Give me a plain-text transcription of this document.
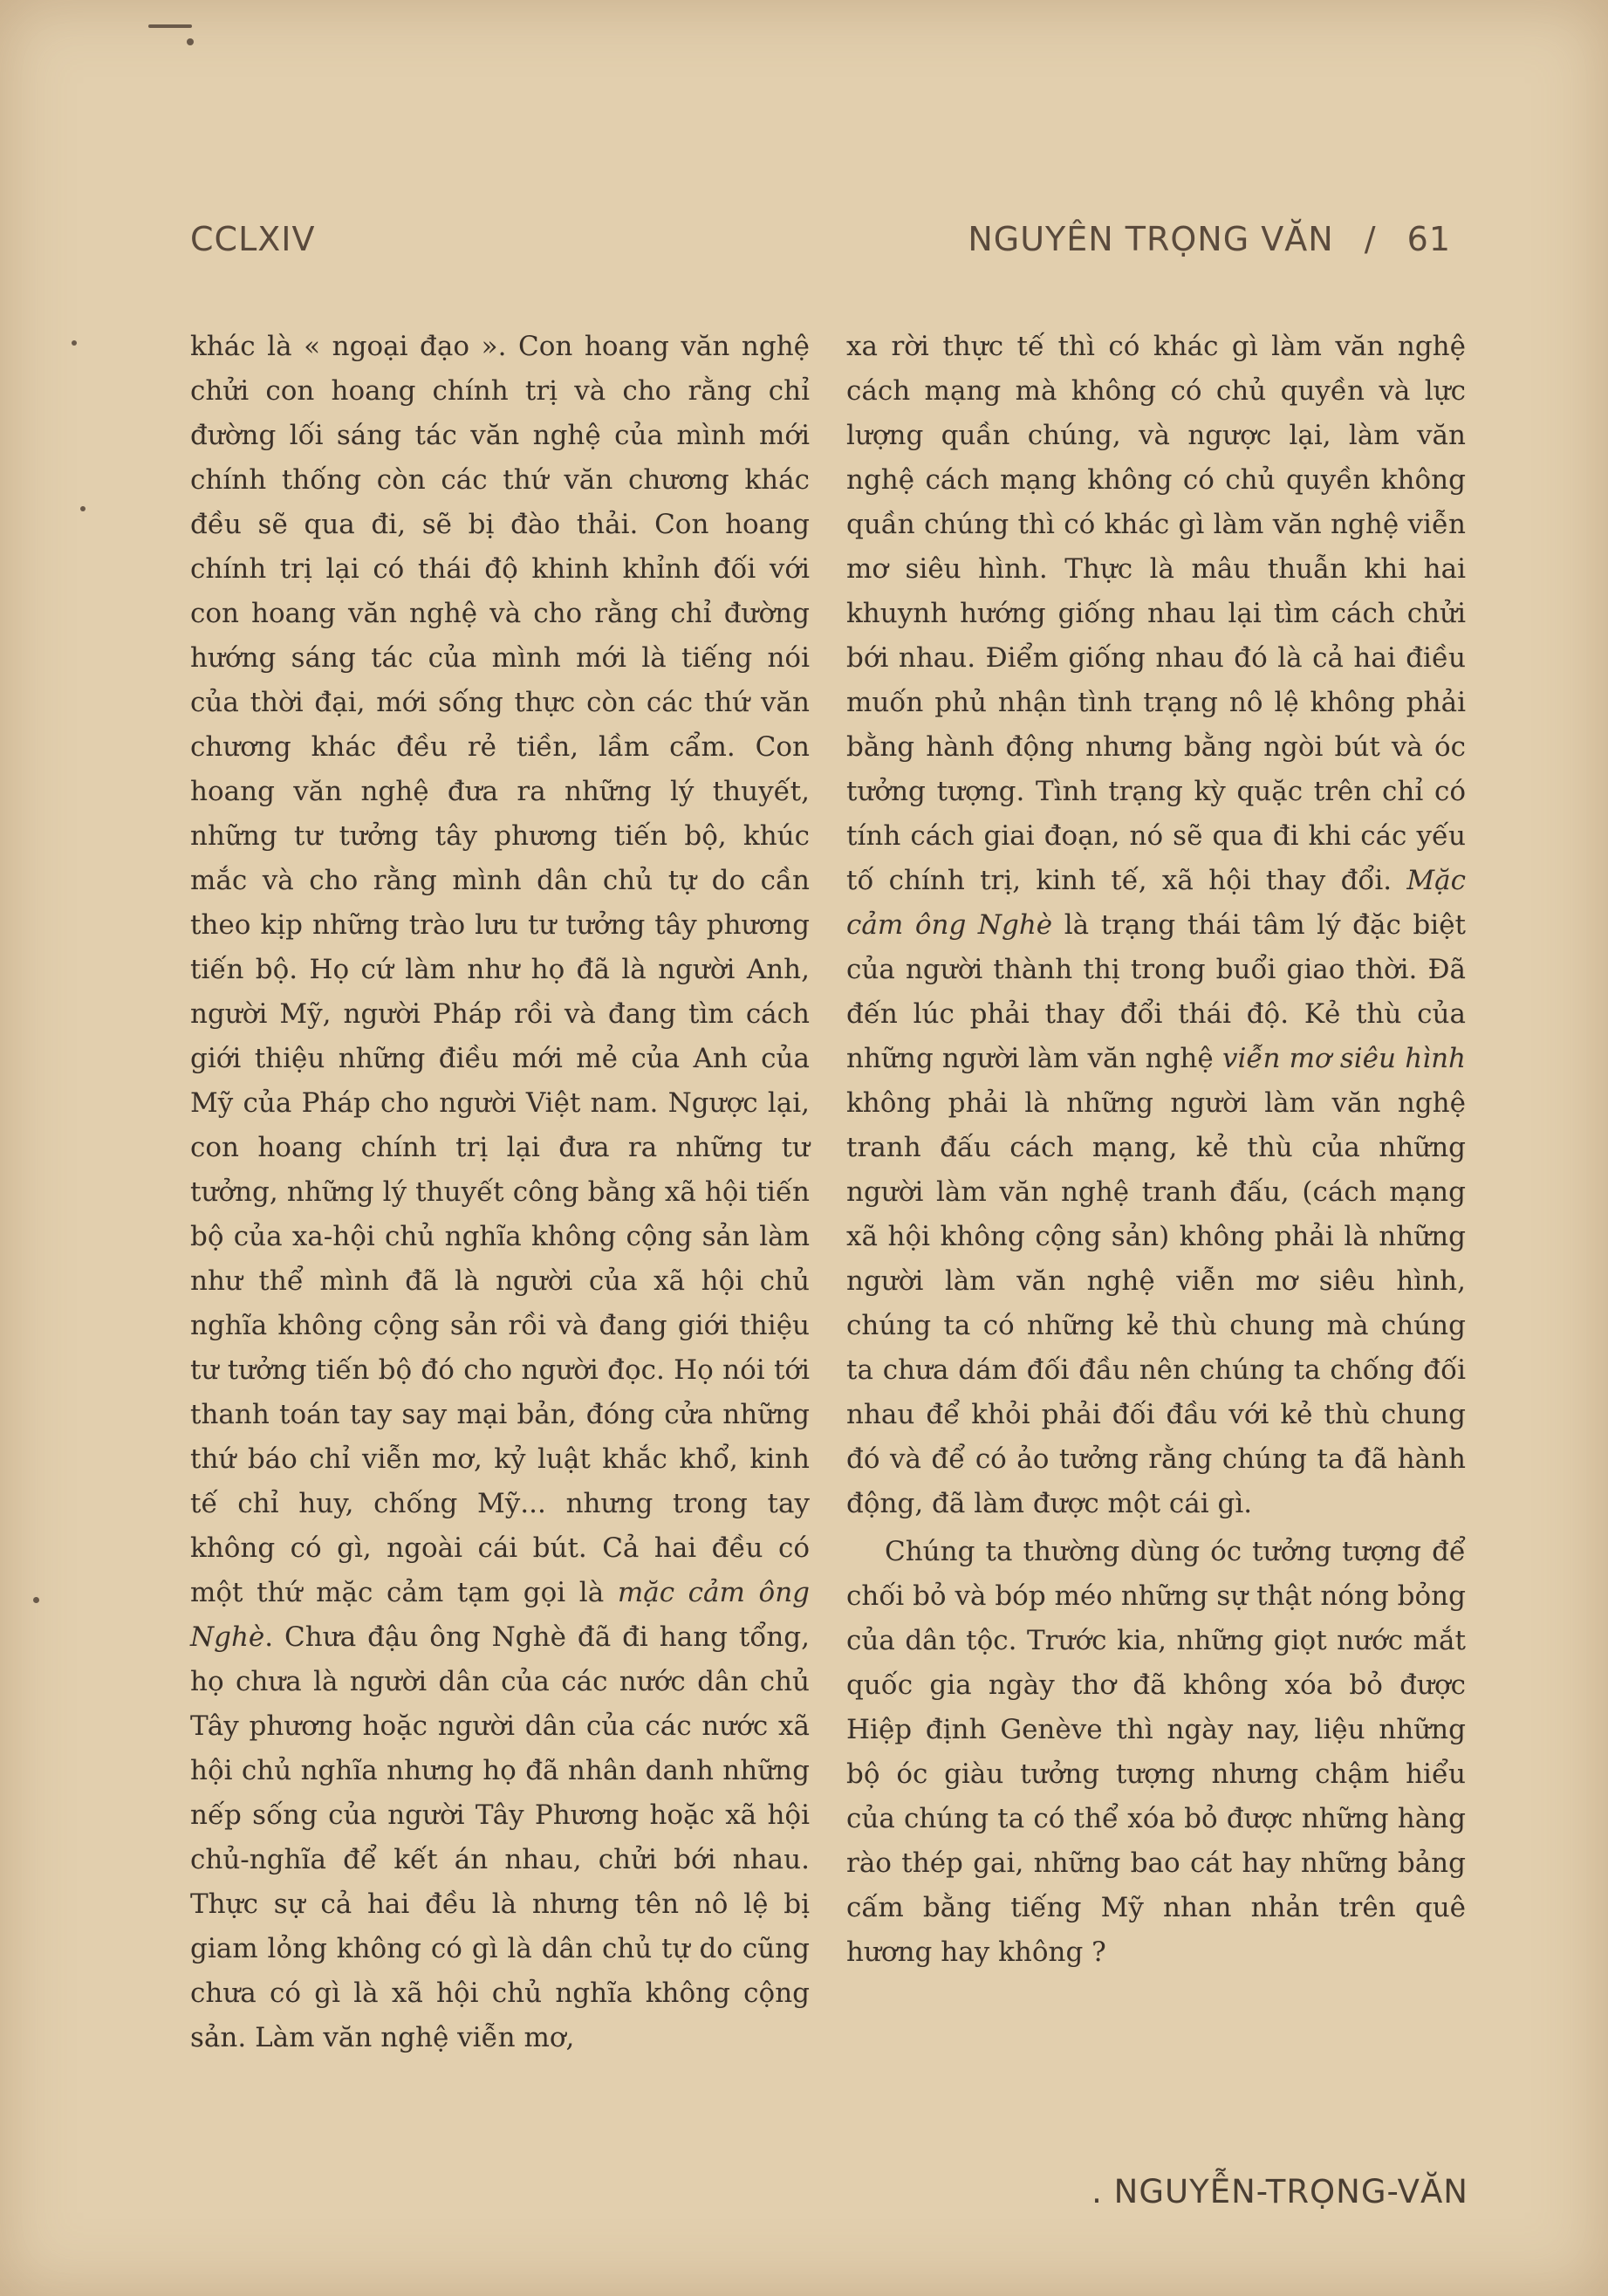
CCLXIV	NGUYÊN TRỌNG VĂN / 61

khác là « ngoại đạo ». Con hoang văn nghệ chửi con hoang chính trị và cho rằng chỉ đường lối sáng tác văn nghệ của mình mới chính thống còn các thứ văn chương khác đều sẽ qua đi, sẽ bị đào thải. Con hoang chính trị lại có thái độ khinh khỉnh đối với con hoang văn nghệ và cho rằng chỉ đường hướng sáng tác của mình mới là tiếng nói của thời đại, mới sống thực còn các thứ văn chương khác đều rẻ tiền, lầm cẩm. Con hoang văn nghệ đưa ra những lý thuyết, những tư tưởng tây phương tiến bộ, khúc mắc và cho rằng mình dân chủ tự do cần theo kịp những trào lưu tư tưởng tây phương tiến bộ. Họ cứ làm như họ đã là người Anh, người Mỹ, người Pháp rồi và đang tìm cách giới thiệu những điều mới mẻ của Anh của Mỹ của Pháp cho người Việt nam. Ngược lại, con hoang chính trị lại đưa ra những tư tưởng, những lý thuyết công bằng xã hội tiến bộ của xa-hội chủ nghĩa không cộng sản làm như thể mình đã là người của xã hội chủ nghĩa không cộng sản rồi và đang giới thiệu tư tưởng tiến bộ đó cho người đọc. Họ nói tới thanh toán tay say mại bản, đóng cửa những thứ báo chỉ viễn mơ, kỷ luật khắc khổ, kinh tế chỉ huy, chống Mỹ... nhưng trong tay không có gì, ngoài cái bút. Cả hai đều có một thứ mặc cảm tạm gọi là mặc cảm ông Nghè. Chưa đậu ông Nghè đã đi hang tổng, họ chưa là người dân của các nước dân chủ Tây phương hoặc người dân của các nước xã hội chủ nghĩa nhưng họ đã nhân danh những nếp sống của người Tây Phương hoặc xã hội chủ-nghĩa để kết án nhau, chửi bới nhau. Thực sự cả hai đều là nhưng tên nô lệ bị giam lỏng không có gì là dân chủ tự do cũng chưa có gì là xã hội chủ nghĩa không cộng sản. Làm văn nghệ viễn mơ,

xa rời thực tế thì có khác gì làm văn nghệ cách mạng mà không có chủ quyền và lực lượng quần chúng, và ngược lại, làm văn nghệ cách mạng không có chủ quyền không quần chúng thì có khác gì làm văn nghệ viễn mơ siêu hình. Thực là mâu thuẫn khi hai khuynh hướng giống nhau lại tìm cách chửi bới nhau. Điểm giống nhau đó là cả hai điều muốn phủ nhận tình trạng nô lệ không phải bằng hành động nhưng bằng ngòi bút và óc tưởng tượng. Tình trạng kỳ quặc trên chỉ có tính cách giai đoạn, nó sẽ qua đi khi các yếu tố chính trị, kinh tế, xã hội thay đổi. Mặc cảm ông Nghè là trạng thái tâm lý đặc biệt của người thành thị trong buổi giao thời. Đã đến lúc phải thay đổi thái độ. Kẻ thù của những người làm văn nghệ viễn mơ siêu hình không phải là những người làm văn nghệ tranh đấu cách mạng, kẻ thù của những người làm văn nghệ tranh đấu, (cách mạng xã hội không cộng sản) không phải là những người làm văn nghệ viễn mơ siêu hình, chúng ta có những kẻ thù chung mà chúng ta chưa dám đối đầu nên chúng ta chống đối nhau để khỏi phải đối đầu với kẻ thù chung đó và để có ảo tưởng rằng chúng ta đã hành động, đã làm được một cái gì.

Chúng ta thường dùng óc tưởng tượng để chối bỏ và bóp méo những sự thật nóng bỏng của dân tộc. Trước kia, những giọt nước mắt quốc gia ngày thơ đã không xóa bỏ được Hiệp định Genève thì ngày nay, liệu những bộ óc giàu tưởng tượng nhưng chậm hiểu của chúng ta có thể xóa bỏ được những hàng rào thép gai, những bao cát hay những bảng cấm bằng tiếng Mỹ nhan nhản trên quê hương hay không ?

. NGUYỄN-TRỌNG-VĂN
